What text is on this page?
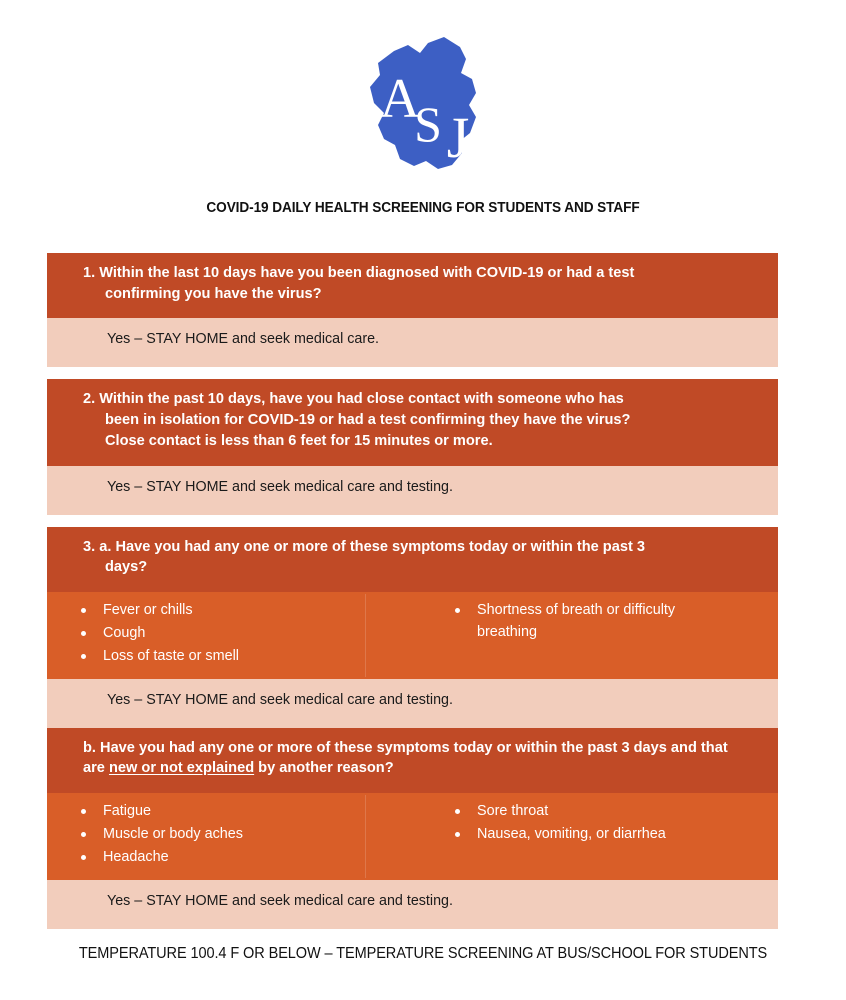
A
S J
COVID-19 DAILY HEALTH SCREENING FOR STUDENTS AND STAFF
1. Within the last 10 days have you been diagnosed with COVID-19 or had a test
confirming you have the virus?
Yes – STAY HOME and seek medical care.
2. Within the past 10 days, have you had close contact with someone who has
been in isolation for COVID-19 or had a test confirming they have the virus?
Close contact is less than 6 feet for 15 minutes or more.
Yes – STAY HOME and seek medical care and testing.
3. a. Have you had any one or more of these symptoms today or within the past 3
days?
Fever or chills
Cough
Loss of taste or smell
Shortness of breath or difficulty breathing
Yes – STAY HOME and seek medical care and testing.
b. Have you had any one or more of these symptoms today or within the past 3 days and that are new or not explained by another reason?
Fatigue
Muscle or body aches
Headache
Sore throat
Nausea, vomiting, or diarrhea
Yes – STAY HOME and seek medical care and testing.
TEMPERATURE 100.4 F OR BELOW – TEMPERATURE SCREENING AT BUS/SCHOOL FOR STUDENTS
